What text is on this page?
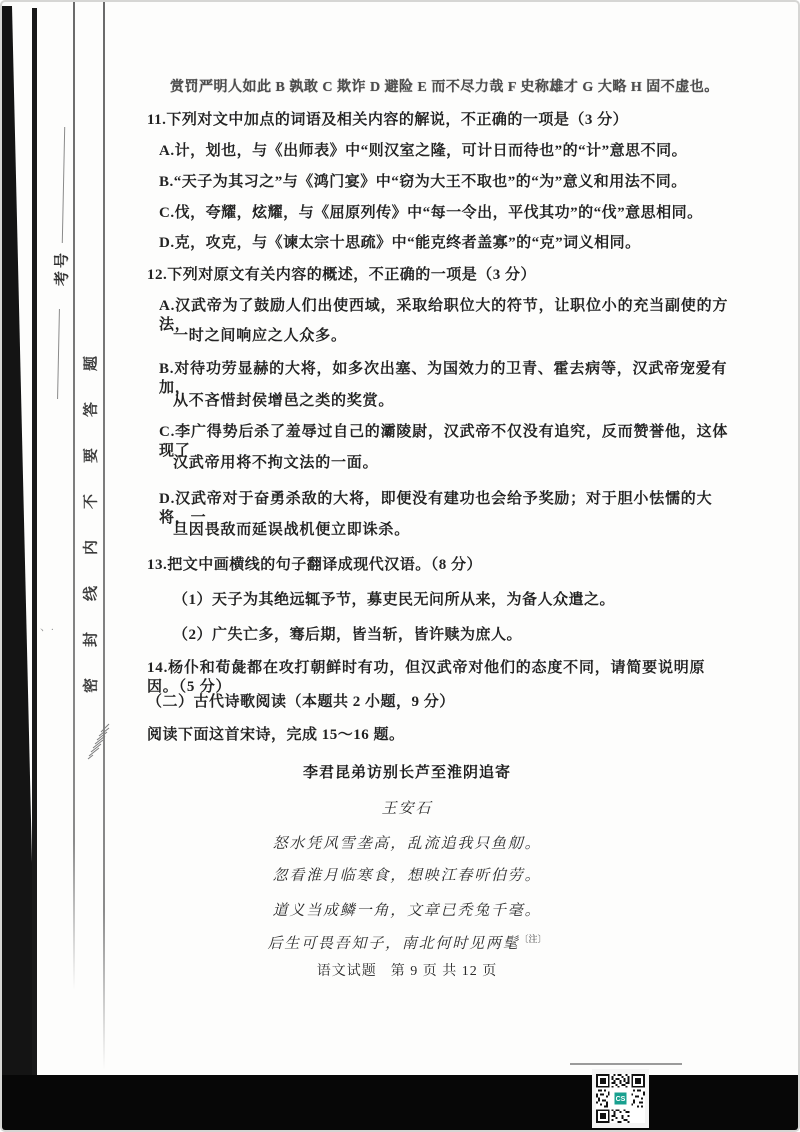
考号
密封线内不要答题
、.
赏罚严明人如此 B 孰敢 C 欺诈 D 避险 E 而不尽力哉 F 史称雄才 G 大略 H 固不虚也。
11.下列对文中加点的词语及相关内容的解说，不正确的一项是（3 分）
A.计，划也，与《出师表》中“则汉室之隆，可计日而待也”的“计”意思不同。
B.“天子为其习之”与《鸿门宴》中“窃为大王不取也”的“为”意义和用法不同。
C.伐，夸耀，炫耀，与《屈原列传》中“每一令出，平伐其功”的“伐”意思相同。
D.克，攻克，与《谏太宗十思疏》中“能克终者盖寡”的“克”词义相同。
12.下列对原文有关内容的概述，不正确的一项是（3 分）
A.汉武帝为了鼓励人们出使西域，采取给职位大的符节，让职位小的充当副使的方法，
一时之间响应之人众多。
B.对待功劳显赫的大将，如多次出塞、为国效力的卫青、霍去病等，汉武帝宠爱有加，
从不吝惜封侯增邑之类的奖赏。
C.李广得势后杀了羞辱过自己的灞陵尉，汉武帝不仅没有追究，反而赞誉他，这体现了
汉武帝用将不拘文法的一面。
D.汉武帝对于奋勇杀敌的大将，即便没有建功也会给予奖励；对于胆小怯懦的大将，一
旦因畏敌而延误战机便立即诛杀。
13.把文中画横线的句子翻译成现代汉语。（8 分）
（1）天子为其绝远辄予节，募吏民无问所从来，为备人众遣之。
（2）广失亡多，骞后期，皆当斩，皆许赎为庶人。
14.杨仆和荀彘都在攻打朝鲜时有功，但汉武帝对他们的态度不同，请简要说明原因。（5 分）
（二）古代诗歌阅读（本题共 2 小题，9 分）
阅读下面这首宋诗，完成 15～16 题。
李君昆弟访别长芦至淮阴追寄
王安石
怒水凭风雪垄高，乱流追我只鱼舠。
忽看淮月临寒食，想映江春听伯劳。
道义当成鳞一角，文章已秃兔千毫。
后生可畏吾知子，南北何时见两髦$^{〔注〕}$
语文试题 第 9 页 共 12 页
CS
